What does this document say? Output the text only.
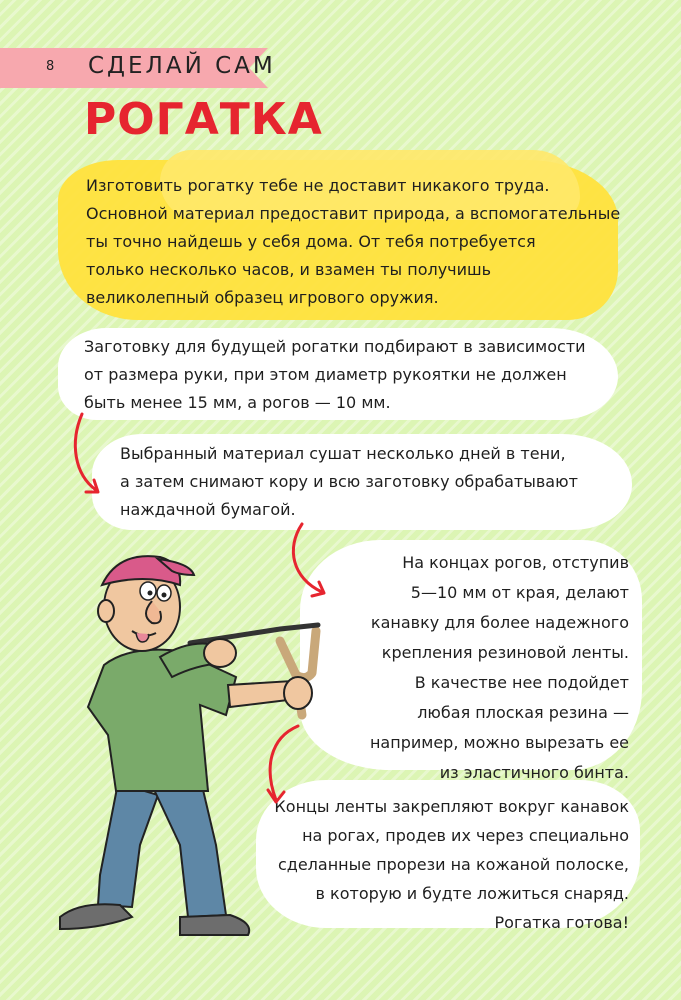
8 СДЕЛАЙ САМ
РОГАТКА
Изготовить рогатку тебе не доставит никакого труда.
Основной материал предоставит природа, а вспомогательные
ты точно найдешь у себя дома. От тебя потребуется
только несколько часов, и взамен ты получишь
великолепный образец игрового оружия.
Заготовку для будущей рогатки подбирают в зависимости
от размера руки, при этом диаметр рукоятки не должен
быть менее 15 мм, а рогов — 10 мм.
Выбранный материал сушат несколько дней в тени,
а затем снимают кору и всю заготовку обрабатывают
наждачной бумагой.
На концах рогов, отступив
5—10 мм от края, делают
канавку для более надежного
крепления резиновой ленты.
В качестве нее подойдет
любая плоская резина —
например, можно вырезать ее
из эластичного бинта.
Концы ленты закрепляют вокруг канавок
на рогах, продев их через специально
сделанные прорези на кожаной полоске,
в которую и будте ложиться снаряд.
Рогатка готова!
